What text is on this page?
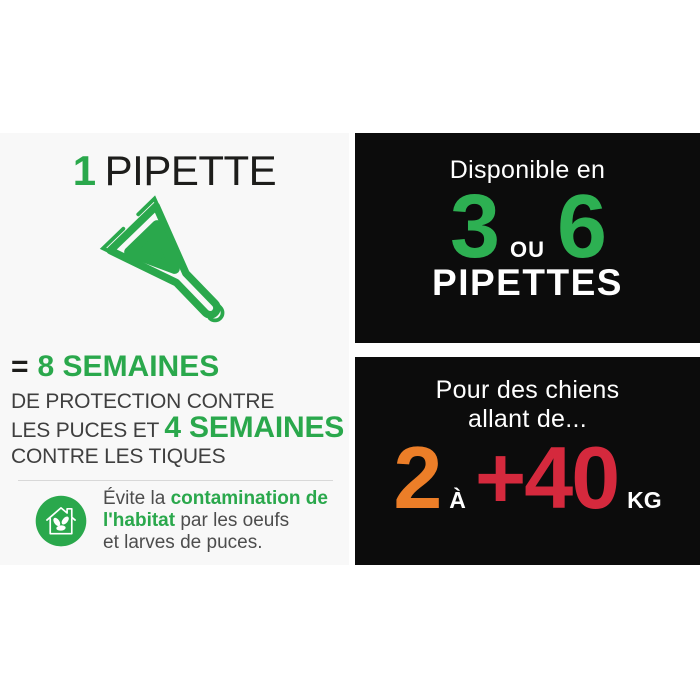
1 PIPETTE
= 8 SEMAINES
DE PROTECTION CONTRE
LES PUCES ET 4 SEMAINES
CONTRE LES TIQUES
Évite la contamination de
l'habitat par les oeufs
et larves de puces.
Disponible en
3 OU 6
PIPETTES
Pour des chiens
allant de...
2 À +40 KG
